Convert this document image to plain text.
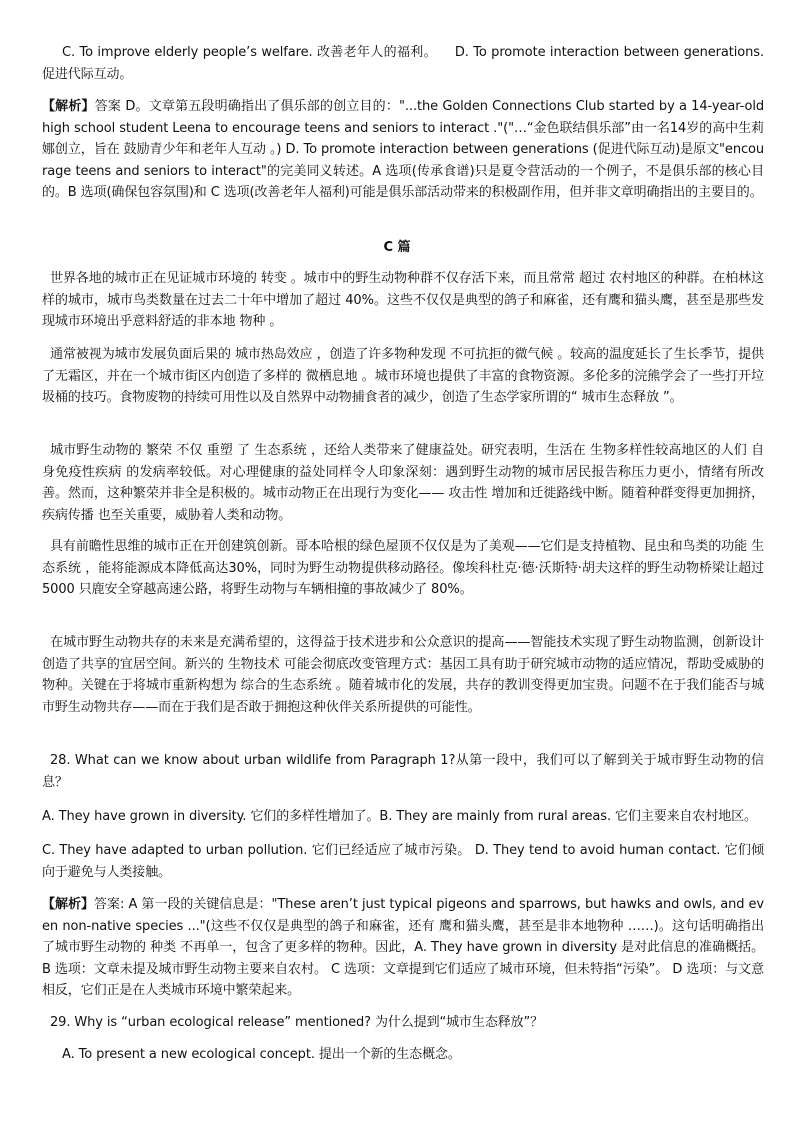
C. To improve elderly people’s welfare. 改善老年人的福利。 D. To promote interaction between generations. 促进代际互动。

【解析】答案 D。文章第五段明确指出了俱乐部的创立目的："...the Golden Connections Club started by a 14-year-old high school student Leena to encourage teens and seniors to interact ."("…“金色联结俱乐部”由一名14岁的高中生莉娜创立，旨在 鼓励青少年和老年人互动 。) D. To promote interaction between generations (促进代际互动)是原文"encourage teens and seniors to interact"的完美同义转述。A 选项(传承食谱)只是夏令营活动的一个例子，不是俱乐部的核心目的。B 选项(确保包容氛围)和 C 选项(改善老年人福利)可能是俱乐部活动带来的积极副作用，但并非文章明确指出的主要目的。

C 篇

世界各地的城市正在见证城市环境的 转变 。城市中的野生动物种群不仅存活下来，而且常常 超过 农村地区的种群。在柏林这样的城市，城市鸟类数量在过去二十年中增加了超过 40%。这些不仅仅是典型的鸽子和麻雀，还有鹰和猫头鹰，甚至是那些发现城市环境出乎意料舒适的非本地 物种 。

通常被视为城市发展负面后果的 城市热岛效应 ，创造了许多物种发现 不可抗拒的微气候 。较高的温度延长了生长季节，提供了无霜区，并在一个城市街区内创造了多样的 微栖息地 。城市环境也提供了丰富的食物资源。多伦多的浣熊学会了一些打开垃圾桶的技巧。食物废物的持续可用性以及自然界中动物捕食者的减少，创造了生态学家所谓的“ 城市生态释放 ”。

城市野生动物的 繁荣 不仅 重塑 了 生态系统 ，还给人类带来了健康益处。研究表明，生活在 生物多样性较高地区的人们 自身免疫性疾病 的发病率较低。对心理健康的益处同样令人印象深刻：遇到野生动物的城市居民报告称压力更小，情绪有所改善。然而，这种繁荣并非全是积极的。城市动物正在出现行为变化—— 攻击性 增加和迁徙路线中断。随着种群变得更加拥挤，疾病传播 也至关重要，威胁着人类和动物。

具有前瞻性思维的城市正在开创建筑创新。哥本哈根的绿色屋顶不仅仅是为了美观——它们是支持植物、昆虫和鸟类的功能 生态系统 ，能将能源成本降低高达30%，同时为野生动物提供移动路径。像埃科杜克·德·沃斯特·胡夫这样的野生动物桥梁让超过 5000 只鹿安全穿越高速公路，将野生动物与车辆相撞的事故减少了 80%。

在城市野生动物共存的未来是充满希望的，这得益于技术进步和公众意识的提高——智能技术实现了野生动物监测，创新设计创造了共享的宜居空间。新兴的 生物技术 可能会彻底改变管理方式：基因工具有助于研究城市动物的适应情况，帮助受威胁的物种。关键在于将城市重新构想为 综合的生态系统 。随着城市化的发展，共存的教训变得更加宝贵。问题不在于我们能否与城市野生动物共存——而在于我们是否敢于拥抱这种伙伴关系所提供的可能性。

28. What can we know about urban wildlife from Paragraph 1?从第一段中，我们可以了解到关于城市野生动物的信息？

A. They have grown in diversity. 它们的多样性增加了。B. They are mainly from rural areas. 它们主要来自农村地区。

C. They have adapted to urban pollution. 它们已经适应了城市污染。 D. They tend to avoid human contact. 它们倾向于避免与人类接触。

【解析】答案: A 第一段的关键信息是："These aren’t just typical pigeons and sparrows, but hawks and owls, and even non-native species ..."(这些不仅仅是典型的鸽子和麻雀，还有 鹰和猫头鹰，甚至是非本地物种 ……)。这句话明确指出了城市野生动物的 种类 不再单一，包含了更多样的物种。因此，A. They have grown in diversity 是对此信息的准确概括。 B 选项：文章未提及城市野生动物主要来自农村。 C 选项：文章提到它们适应了城市环境，但未特指“污染”。 D 选项：与文意相反，它们正是在人类城市环境中繁荣起来。

29. Why is “urban ecological release” mentioned? 为什么提到“城市生态释放”？

A. To present a new ecological concept. 提出一个新的生态概念。
